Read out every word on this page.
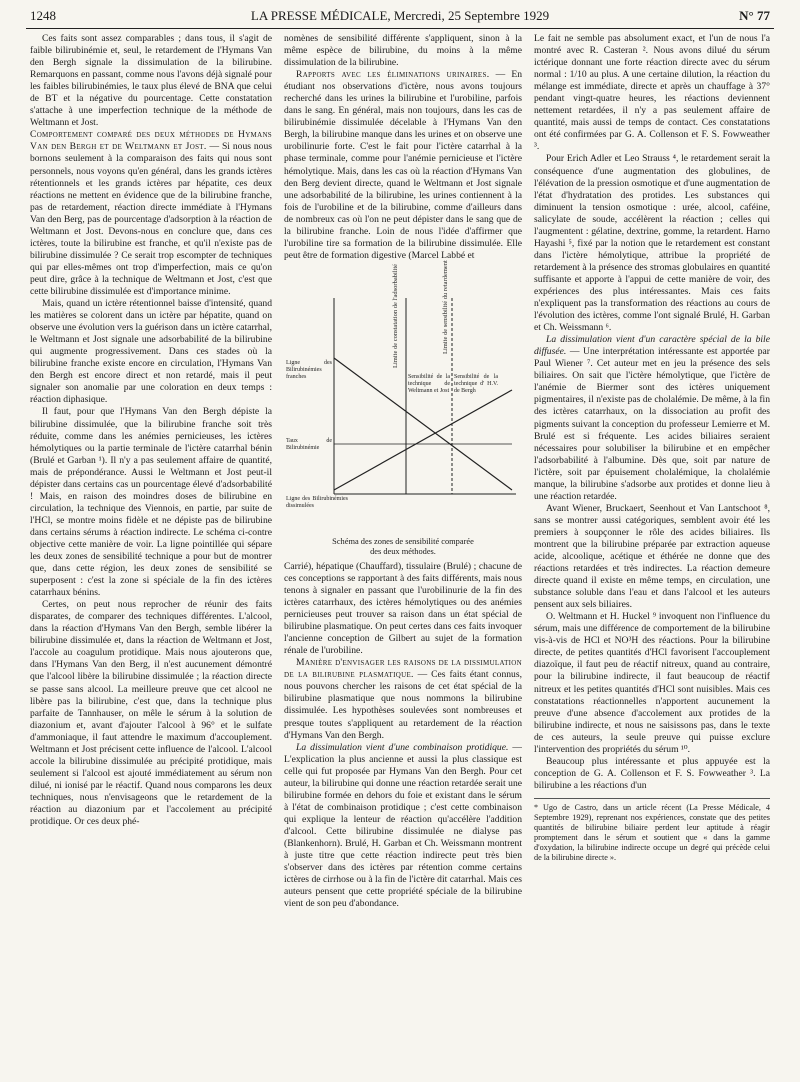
1248	LA PRESSE MÉDICALE, Mercredi, 25 Septembre 1929	N° 77

Ces faits sont assez comparables ; dans tous, il s'agit de faible bilirubinémie et, seul, le retardement de l'Hymans Van den Bergh signale la dissimulation de la bilirubine. Remarquons en passant, comme nous l'avons déjà signalé pour les faibles bilirubinémies, le taux plus élevé de BNA que celui de BT et la négative du pourcentage. Cette constatation s'attache à une imperfection technique de la méthode de Weltmann et Jost.

Comportement comparé des deux méthodes de Hymans Van den Bergh et de Weltmann et Jost. — Si nous nous bornons seulement à la comparaison des faits qui nous sont personnels, nous voyons qu'en général, dans les grands ictères rétentionnels et les grands ictères par hépatite, ces deux réactions ne mettent en évidence que de la bilirubine franche, pas de retardement, réaction directe immédiate à l'Hymans Van den Berg, pas de pourcentage d'adsorption à la réaction de Weltmann et Jost. Devons-nous en conclure que, dans ces ictères, toute la bilirubine est franche, et qu'il n'existe pas de bilirubine dissimulée ? Ce serait trop escompter de techniques qui par elles-mêmes ont trop d'imperfection, mais ce qu'on peut dire, grâce à la technique de Weltmann et Jost, c'est que cette bilirubine dissimulée est d'importance minime.

Mais, quand un ictère rétentionnel baisse d'intensité, quand les matières se colorent dans un ictère par hépatite, quand on observe une évolution vers la guérison dans un ictère catarrhal, le Weltmann et Jost signale une adsorbabilité de la bilirubine qui augmente progressivement. Dans ces stades où la bilirubine franche existe encore en circulation, l'Hymans Van den Bergh est encore direct et non retardé, mais il peut signaler son anomalie par une coloration en deux temps : réaction diphasique.

Il faut, pour que l'Hymans Van den Bergh dépiste la bilirubine dissimulée, que la bilirubine franche soit très réduite, comme dans les anémies pernicieuses, les ictères hémolytiques ou la partie terminale de l'ictère catarrhal bénin (Brulé et Garban ¹). Il n'y a pas seulement affaire de quantité, mais de prépondérance. Aussi le Weltmann et Jost peut-il dépister dans certains cas un pourcentage élevé d'adsorbabilité ! Mais, en raison des moindres doses de bilirubine en circulation, la technique des Viennois, en partie, par suite de l'HCl, se montre moins fidèle et ne dépiste pas de bilirubine dans certains sérums à réaction indirecte. Le schéma ci-contre objective cette manière de voir. La ligne pointillée qui sépare les deux zones de sensibilité technique a pour but de montrer que, dans cette région, les deux zones de sensibilité se superposent : c'est la zone si spéciale de la fin des ictères catarrhaux bénins.

Certes, on peut nous reprocher de réunir des faits disparates, de comparer des techniques différentes. L'alcool, dans la réaction d'Hymans Van den Bergh, semble libérer la bilirubine dissimulée et, dans la réaction de Weltmann et Jost, l'accole au coagulum protidique. Mais nous ajouterons que, dans l'Hymans Van den Berg, il n'est aucunement démontré que l'alcool libère la bilirubine dissimulée ; la réaction directe se passe sans alcool. La meilleure preuve que cet alcool ne libère pas la bilirubine, c'est que, dans la technique plus parfaite de Tannhauser, on mêle le sérum à la solution de diazonium et, avant d'ajouter l'alcool à 96° et le sulfate d'ammoniaque, il faut attendre le maximum d'accouplement. Weltmann et Jost précisent cette influence de l'alcool. L'alcool accole la bilirubine dissimulée au précipité protidique, mais seulement si l'alcool est ajouté immédiatement au sérum non dilué, ni ionisé par le réactif. Quand nous comparons les deux techniques, nous n'envisageons que le retardement de la réaction au diazonium par et l'accolement au précipité protidique. Or ces deux phé-

nomènes de sensibilité différente s'appliquent, sinon à la même espèce de bilirubine, du moins à la même dissimulation de la bilirubine.

Rapports avec les éliminations urinaires. — En étudiant nos observations d'ictère, nous avons toujours recherché dans les urines la bilirubine et l'urobiline, parfois dans le sang. En général, mais non toujours, dans les cas de bilirubinémie dissimulée décelable à l'Hymans Van den Bergh, la bilirubine manque dans les urines et on observe une urobilinurie forte. C'est le fait pour l'ictère catarrhal à la phase terminale, comme pour l'anémie pernicieuse et l'ictère hémolytique. Mais, dans les cas où la réaction d'Hymans Van den Berg devient directe, quand le Weltmann et Jost signale une adsorbabilité de la bilirubine, les urines contiennent à la fois de l'urobiline et de la bilirubine, comme d'ailleurs dans de nombreux cas où l'on ne peut dépister dans le sang que de la bilirubine franche. Loin de nous l'idée d'affirmer que l'urobiline tire sa formation de la bilirubine dissimulée. Elle peut être de formation digestive (Marcel Labbé et

Limite de constatation de l'adsorbabilité	Limite de sensibilité du retardement
Ligne des Bilirubinémies franches
Taux de Bilirubinémie
Ligne des Bilirubinémies dissimulées
Sensibilité de la technique de Weltmann et Jost
Sensibilité de la technique d' H.V. de Bergh
Schéma des zones de sensibilité comparée
des deux méthodes.

Carrié), hépatique (Chauffard), tissulaire (Brulé) ; chacune de ces conceptions se rapportant à des faits différents, mais nous tenons à signaler en passant que l'urobilinurie de la fin des ictères catarrhaux, des ictères hémolytiques ou des anémies pernicieuses peut trouver sa raison dans un état spécial de bilirubine plasmatique. On peut certes dans ces faits invoquer l'ancienne conception de Gilbert au sujet de la formation rénale de l'urobiline.

Manière d'envisager les raisons de la dissimulation de la bilirubine plasmatique. — Ces faits étant connus, nous pouvons chercher les raisons de cet état spécial de la bilirubine plasmatique que nous nommons la bilirubine dissimulée. Les hypothèses soulevées sont nombreuses et presque toutes s'appliquent au retardement de la réaction d'Hymans Van den Bergh.

La dissimulation vient d'une combinaison protidique. — L'explication la plus ancienne et aussi la plus classique est celle qui fut proposée par Hymans Van den Bergh. Pour cet auteur, la bilirubine qui donne une réaction retardée serait une bilirubine formée en dehors du foie et existant dans le sérum à l'état de combinaison protidique ; c'est cette combinaison qui explique la lenteur de réaction qu'accélère l'addition d'alcool. Cette bilirubine dissimulée ne dialyse pas (Blankenhorn). Brulé, H. Garban et Ch. Weissmann montrent à juste titre que cette réaction indirecte peut très bien s'observer dans des ictères par rétention comme certains ictères de cirrhose ou à la fin de l'ictère dit catarrhal. Mais ces auteurs pensent que cette propriété spéciale de la bilirubine vient de son peu d'abondance.

Le fait ne semble pas absolument exact, et l'un de nous l'a montré avec R. Casteran ². Nous avons dilué du sérum ictérique donnant une forte réaction directe avec du sérum normal : 1/10 au plus. A une certaine dilution, la réaction du mélange est immédiate, directe et après un chauffage à 37° pendant vingt-quatre heures, les réactions deviennent nettement retardées, il n'y a pas seulement affaire de quantité, mais aussi de temps de contact. Ces constatations ont été confirmées par G. A. Collenson et F. S. Fowweather ³.

Pour Erich Adler et Leo Strauss ⁴, le retardement serait la conséquence d'une augmentation des globulines, de l'élévation de la pression osmotique et d'une augmentation de l'état d'hydratation des protides. Les substances qui diminuent la tension osmotique : urée, alcool, caféine, salicylate de soude, accélèrent la réaction ; celles qui l'augmentent : gélatine, dextrine, gomme, la retardent. Harno Hayashi ⁵, fixé par la notion que le retardement est constant dans l'ictère hémolytique, attribue la propriété de retardement à la présence des stromas globulaires en quantité suffisante et apporte à l'appui de cette manière de voir, des expériences des plus intéressantes. Mais ces faits n'expliquent pas la transformation des réactions au cours de l'évolution des ictères, comme l'ont signalé Brulé, H. Garban et Ch. Weissmann ⁶.

La dissimulation vient d'un caractère spécial de la bile diffusée. — Une interprétation intéressante est apportée par Paul Wiener ⁷. Cet auteur met en jeu la présence des sels biliaires. On sait que l'ictère hémolytique, que l'ictère de l'anémie de Biermer sont des ictères uniquement pigmentaires, il n'existe pas de cholalémie. De même, à la fin des ictères catarrhaux, on la dissociation au profit des pigments suivant la conception du professeur Lemierre et M. Brulé est si fréquente. Les acides biliaires seraient nécessaires pour solubiliser la bilirubine et en empêcher l'adsorbabilité à l'albumine. Dès que, soit par nature de l'ictère, soit par épuisement cholalémique, la cholalémie manque, la bilirubine s'adsorbe aux protides et donne lieu à une réaction retardée.

Avant Wiener, Bruckaert, Seenhout et Van Lantschoot ⁸, sans se montrer aussi catégoriques, semblent avoir été les premiers à soupçonner le rôle des acides biliaires. Ils montrent que la bilirubine préparée par extraction aqueuse acide, alcoolique, acétique et éthérée ne donne que des réactions retardées et très indirectes. La réaction demeure directe quand il existe en même temps, en circulation, une substance soluble dans l'eau et dans l'alcool et les auteurs pensent aux sels biliaires.

O. Weltmann et H. Huckel ⁹ invoquent non l'influence du sérum, mais une différence de comportement de la bilirubine vis-à-vis de HCl et NO³H des réactions. Pour la bilirubine directe, de petites quantités d'HCl favorisent l'accouplement diazoïque, il faut peu de réactif nitreux, quand au contraire, pour la bilirubine indirecte, il faut beaucoup de réactif nitreux et les petites quantités d'HCl sont nuisibles. Mais ces constatations réactionnelles n'apportent aucunement la preuve d'une absence d'accolement aux protides de la bilirubine indirecte, et nous ne saisissons pas, dans le texte de ces auteurs, la seule preuve qui puisse exclure l'intervention des propriétés du sérum ¹⁰.

Beaucoup plus intéressante et plus appuyée est la conception de G. A. Collenson et F. S. Fowweather ³. La bilirubine a les réactions d'un

* Ugo de Castro, dans un article récent (La Presse Médicale, 4 Septembre 1929), reprenant nos expériences, constate que des petites quantités de bilirubine biliaire perdent leur aptitude à réagir promptement dans le sérum et soutient que « dans la gamme d'oxydation, la bilirubine indirecte occupe un degré qui précède celui de la bilirubine directe ».
